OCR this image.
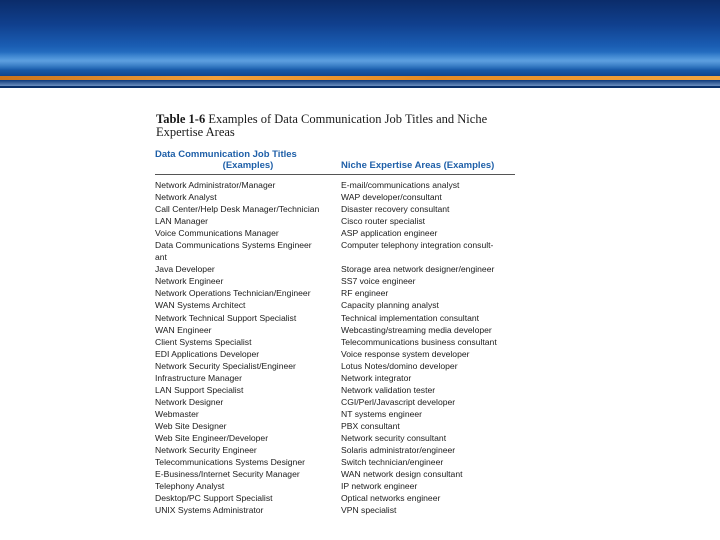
Table 1-6 Examples of Data Communication Job Titles and Niche
Expertise Areas
Data Communication Job Titles
(Examples)	Niche Expertise Areas (Examples)
Network Administrator/Manager	E-mail/communications analyst
Network Analyst	WAP developer/consultant
Call Center/Help Desk Manager/Technician	Disaster recovery consultant
LAN Manager	Cisco router specialist
Voice Communications Manager	ASP application engineer
Data Communications Systems Engineer	Computer telephony integration consult-
ant
Java Developer	Storage area network designer/engineer
Network Engineer	SS7 voice engineer
Network Operations Technician/Engineer	RF engineer
WAN Systems Architect	Capacity planning analyst
Network Technical Support Specialist	Technical implementation consultant
WAN Engineer	Webcasting/streaming media developer
Client Systems Specialist	Telecommunications business consultant
EDI Applications Developer	Voice response system developer
Network Security Specialist/Engineer	Lotus Notes/domino developer
Infrastructure Manager	Network integrator
LAN Support Specialist	Network validation tester
Network Designer	CGI/Perl/Javascript developer
Webmaster	NT systems engineer
Web Site Designer	PBX consultant
Web Site Engineer/Developer	Network security consultant
Network Security Engineer	Solaris administrator/engineer
Telecommunications Systems Designer	Switch technician/engineer
E-Business/Internet Security Manager	WAN network design consultant
Telephony Analyst	IP network engineer
Desktop/PC Support Specialist	Optical networks engineer
UNIX Systems Administrator	VPN specialist
